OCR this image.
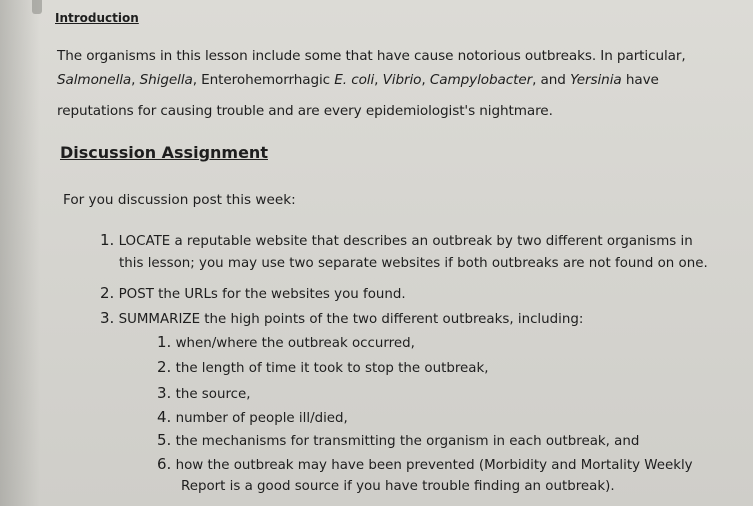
Introduction
The organisms in this lesson include some that have cause notorious outbreaks. In particular,
Salmonella, Shigella, Enterohemorrhagic E. coli, Vibrio, Campylobacter, and Yersinia have
reputations for causing trouble and are every epidemiologist's nightmare.
Discussion Assignment
For you discussion post this week:
1. LOCATE a reputable website that describes an outbreak by two different organisms in
this lesson; you may use two separate websites if both outbreaks are not found on one.
2. POST the URLs for the websites you found.
3. SUMMARIZE the high points of the two different outbreaks, including:
1. when/where the outbreak occurred,
2. the length of time it took to stop the outbreak,
3. the source,
4. number of people ill/died,
5. the mechanisms for transmitting the organism in each outbreak, and
6. how the outbreak may have been prevented (Morbidity and Mortality Weekly
Report is a good source if you have trouble finding an outbreak).
